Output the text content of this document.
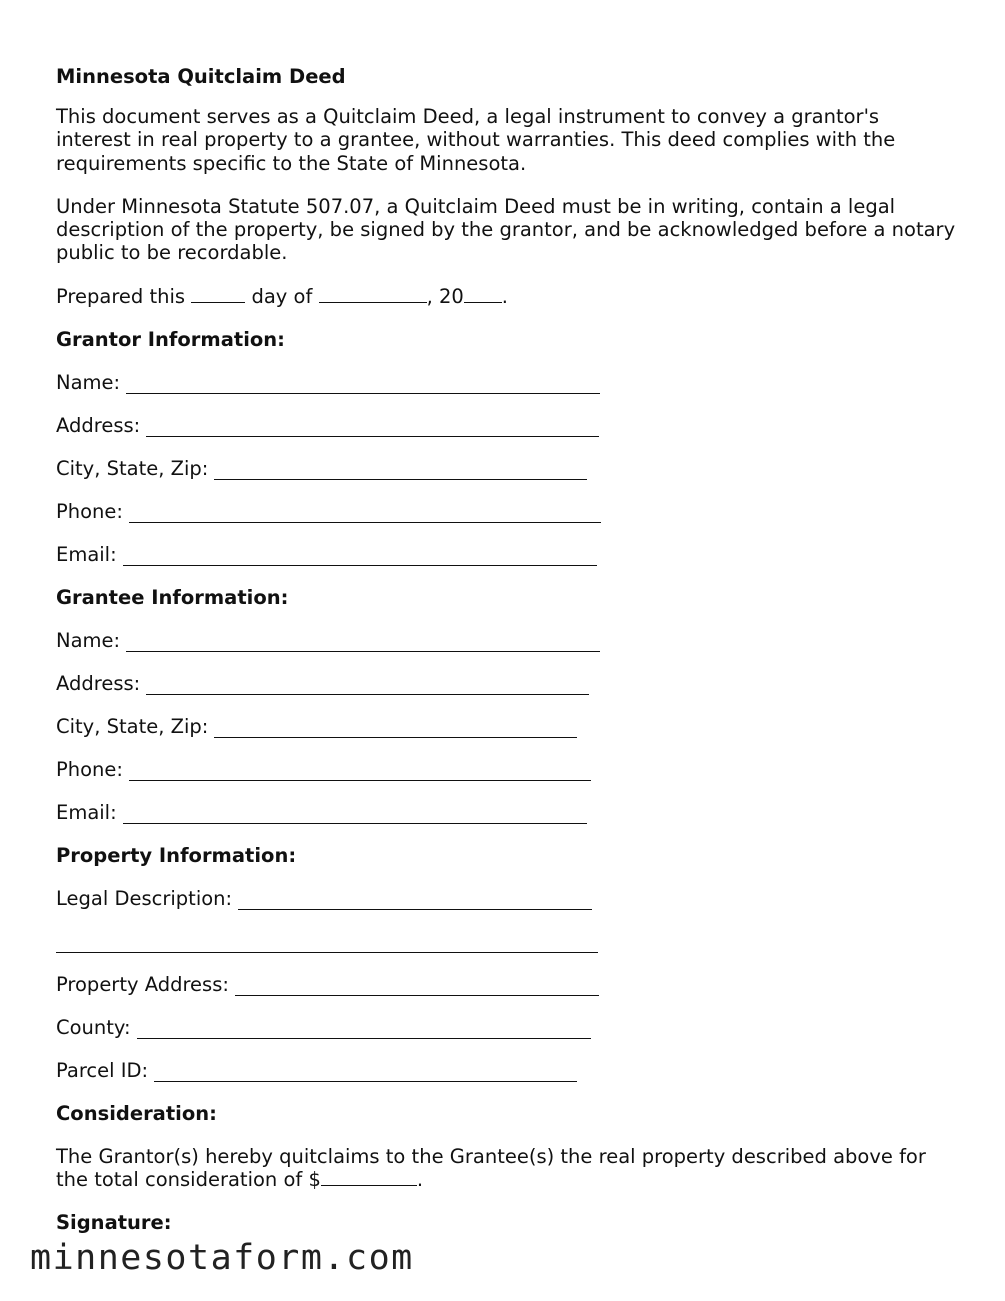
Minnesota Quitclaim Deed
This document serves as a Quitclaim Deed, a legal instrument to convey a grantor's interest in real property to a grantee, without warranties. This deed complies with the requirements specific to the State of Minnesota.
Under Minnesota Statute 507.07, a Quitclaim Deed must be in writing, contain a legal description of the property, be signed by the grantor, and be acknowledged before a notary public to be recordable.
Prepared this	day of	, 20 .
Grantor Information:
Name:
Address:
City, State, Zip:
Phone:
Email:
Grantee Information:
Name:
Address:
City, State, Zip:
Phone:
Email:
Property Information:
Legal Description:
Property Address:
County:
Parcel ID:
Consideration:
The Grantor(s) hereby quitclaims to the Grantee(s) the real property described above for the total consideration of $	.
Signature:
minnesotaform.com
